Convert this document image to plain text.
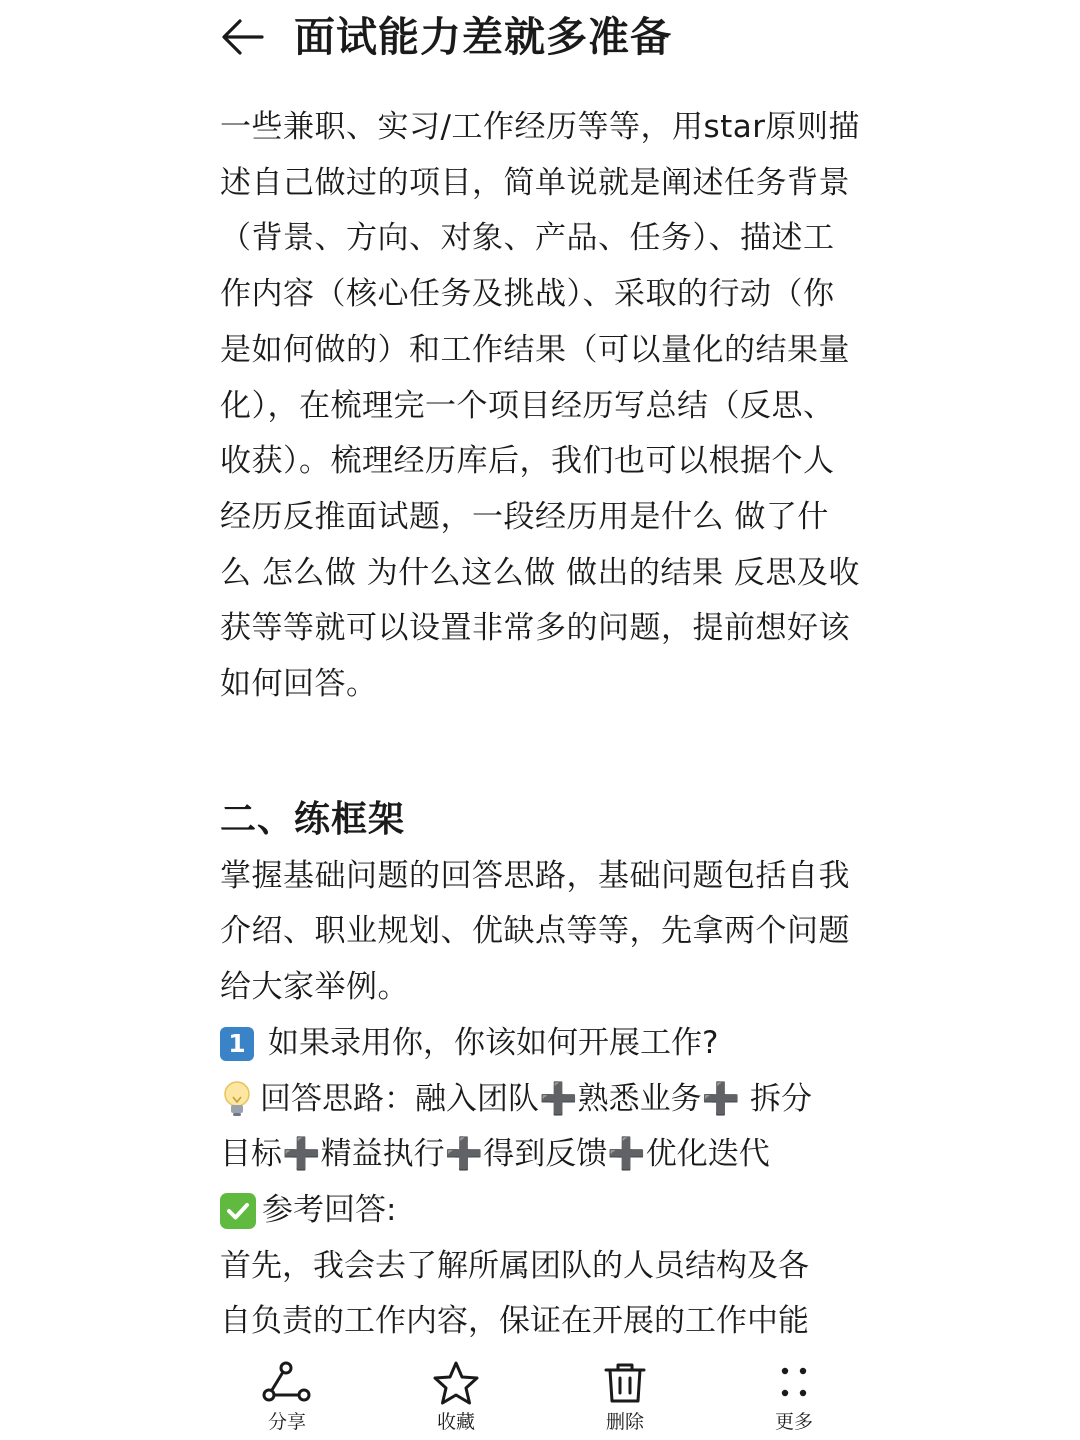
面试能力差就多准备

一些兼职、实习/工作经历等等，用star原则描述自己做过的项目，简单说就是阐述任务背景（背景、方向、对象、产品、任务）、描述工作内容（核心任务及挑战）、采取的行动（你是如何做的）和工作结果（可以量化的结果量化），在梳理完一个项目经历写总结（反思、收获）。梳理经历库后，我们也可以根据个人经历反推面试题，一段经历用是什么 做了什么 怎么做 为什么这么做 做出的结果 反思及收获等等就可以设置非常多的问题，提前想好该如何回答。

二、练框架

掌握基础问题的回答思路，基础问题包括自我介绍、职业规划、优缺点等等，先拿两个问题给大家举例。

1 如果录用你，你该如何开展工作?
回答思路：融入团队➕熟悉业务➕ 拆分
目标➕精益执行➕得到反馈➕优化迭代
参考回答:
首先，我会去了解所属团队的人员结构及各
自负责的工作内容，保证在开展的工作中能
分享	收藏	删除	更多
